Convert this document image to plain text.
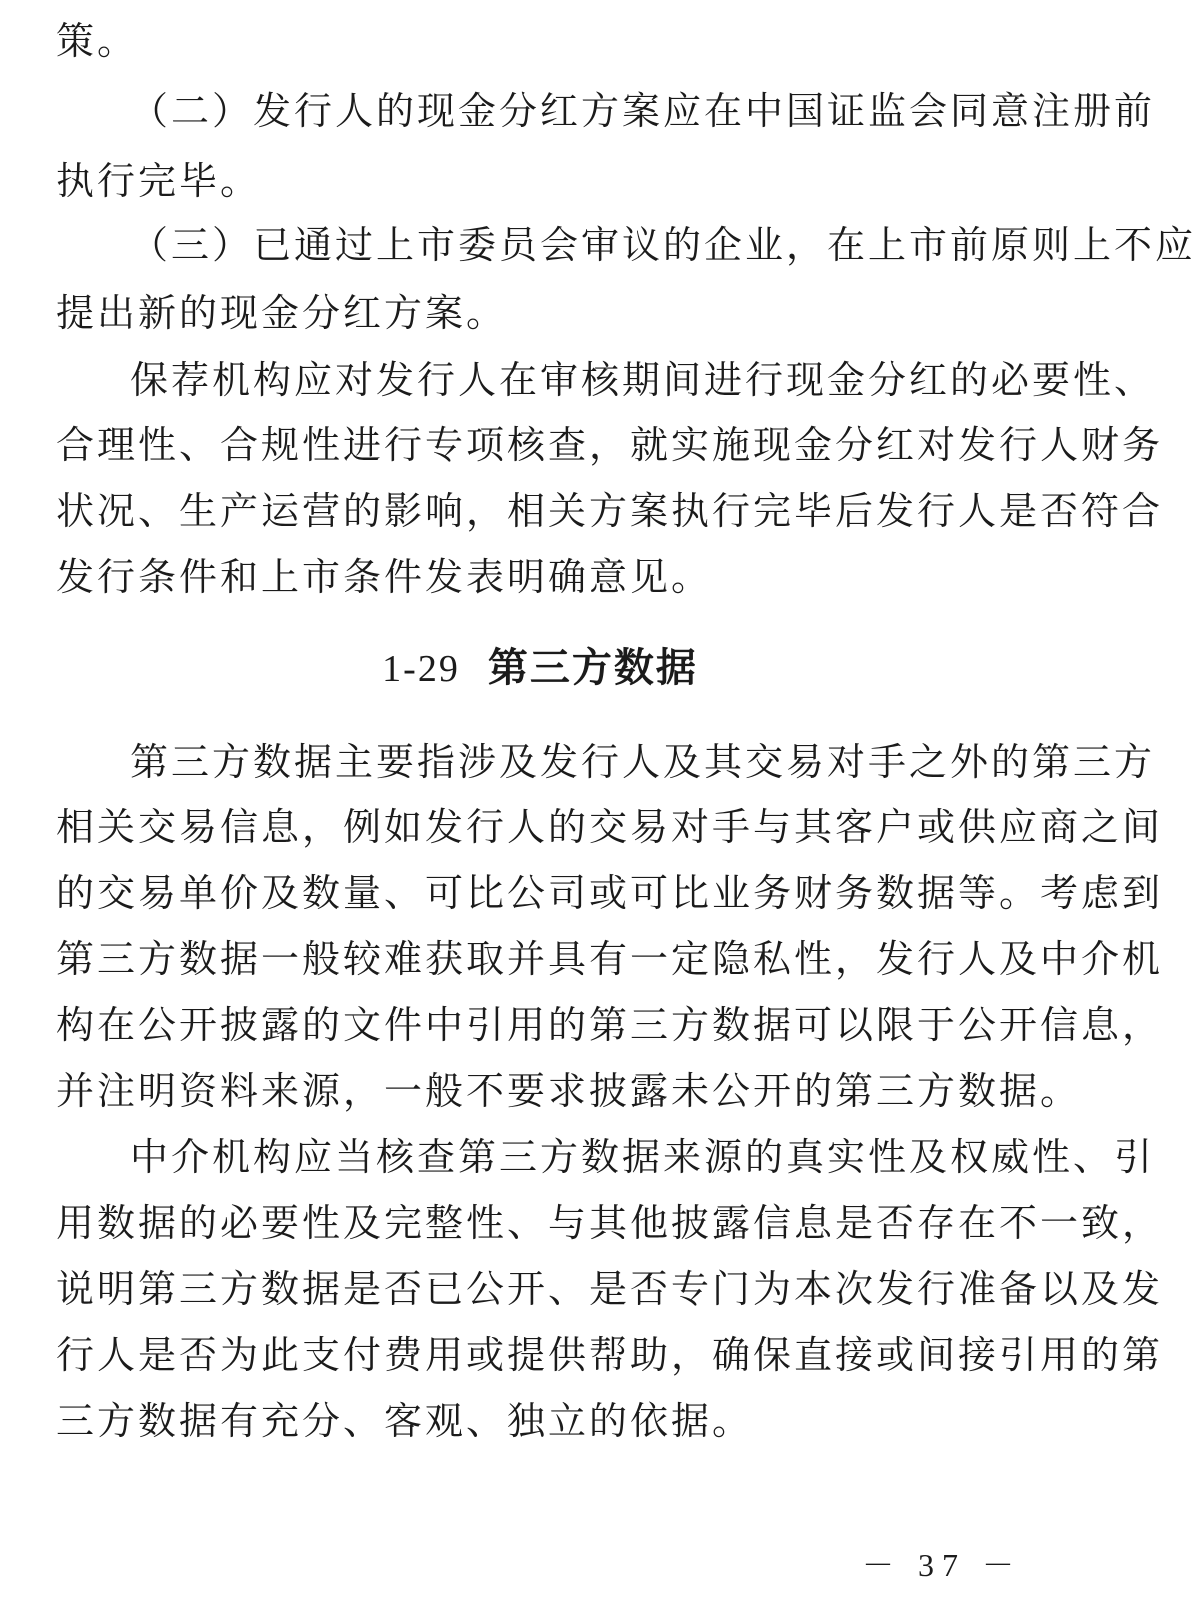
策。
（二）发行人的现金分红方案应在中国证监会同意注册前
执行完毕。
（三）已通过上市委员会审议的企业，在上市前原则上不应
提出新的现金分红方案。
保荐机构应对发行人在审核期间进行现金分红的必要性、
合理性、合规性进行专项核查，就实施现金分红对发行人财务
状况、生产运营的影响，相关方案执行完毕后发行人是否符合
发行条件和上市条件发表明确意见。
1-29 第三方数据
第三方数据主要指涉及发行人及其交易对手之外的第三方
相关交易信息，例如发行人的交易对手与其客户或供应商之间
的交易单价及数量、可比公司或可比业务财务数据等。考虑到
第三方数据一般较难获取并具有一定隐私性，发行人及中介机
构在公开披露的文件中引用的第三方数据可以限于公开信息，
并注明资料来源，一般不要求披露未公开的第三方数据。
中介机构应当核查第三方数据来源的真实性及权威性、引
用数据的必要性及完整性、与其他披露信息是否存在不一致，
说明第三方数据是否已公开、是否专门为本次发行准备以及发
行人是否为此支付费用或提供帮助，确保直接或间接引用的第
三方数据有充分、客观、独立的依据。
－ 37 －
